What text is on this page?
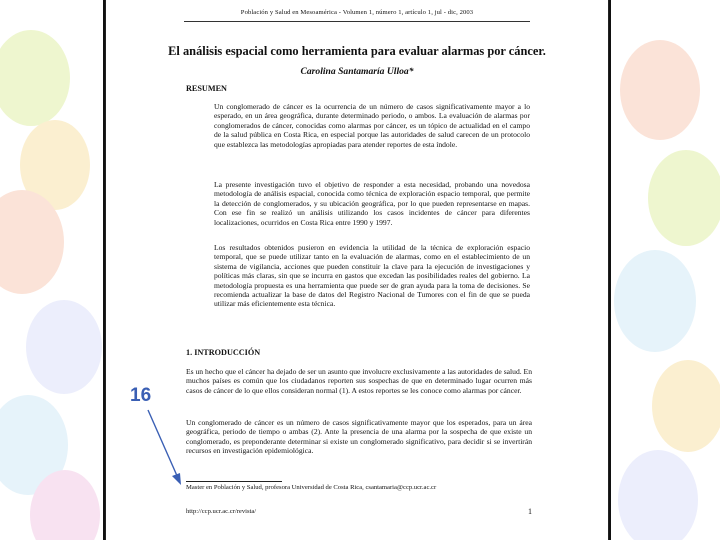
Población y Salud en Mesoamérica - Volumen 1, número 1, artículo 1, jul - dic, 2003
El análisis espacial como herramienta para evaluar alarmas por cáncer.
Carolina Santamaría Ulloa*
RESUMEN
Un conglomerado de cáncer es la ocurrencia de un número de casos significativamente mayor a lo esperado, en un área geográfica, durante determinado periodo, o ambos. La evaluación de alarmas por conglomerados de cáncer, conocidas como alarmas por cáncer, es un tópico de actualidad en el campo de la salud pública en Costa Rica, en especial porque las autoridades de salud carecen de un protocolo que establezca las metodologías apropiadas para atender reportes de esta índole.
La presente investigación tuvo el objetivo de responder a esta necesidad, probando una novedosa metodología de análisis espacial, conocida como técnica de exploración espacio temporal, que permite la detección de conglomerados, y su ubicación geográfica, por lo que pueden representarse en mapas. Con ese fin se realizó un análisis utilizando los casos incidentes de cáncer para diferentes localizaciones, ocurridos en Costa Rica entre 1990 y 1997.
Los resultados obtenidos pusieron en evidencia la utilidad de la técnica de exploración espacio temporal, que se puede utilizar tanto en la evaluación de alarmas, como en el establecimiento de un sistema de vigilancia, acciones que pueden constituir la clave para la ejecución de investigaciones y políticas más claras, sin que se incurra en gastos que excedan las posibilidades reales del gobierno. La metodología propuesta es una herramienta que puede ser de gran ayuda para la toma de decisiones. Se recomienda actualizar la base de datos del Registro Nacional de Tumores con el fin de que se pueda utilizar más eficientemente esta técnica.
1. INTRODUCCIÓN
Es un hecho que el cáncer ha dejado de ser un asunto que involucre exclusivamente a las autoridades de salud. En muchos países es común que los ciudadanos reporten sus sospechas de que en determinado lugar ocurren más casos de cáncer de lo que ellos consideran normal (1). A estos reportes se les conoce como alarmas por cáncer.
Un conglomerado de cáncer es un número de casos significativamente mayor que los esperados, para un área geográfica, periodo de tiempo o ambas (2). Ante la presencia de una alarma por la sospecha de que existe un conglomerado, es preponderante determinar si existe un conglomerado significativo, para decidir si se invertirán recursos en investigación epidemiológica.
Master en Población y Salud, profesora Universidad de Costa Rica, csantamaria@ccp.ucr.ac.cr
http://ccp.ucr.ac.cr/revista/	1
16
